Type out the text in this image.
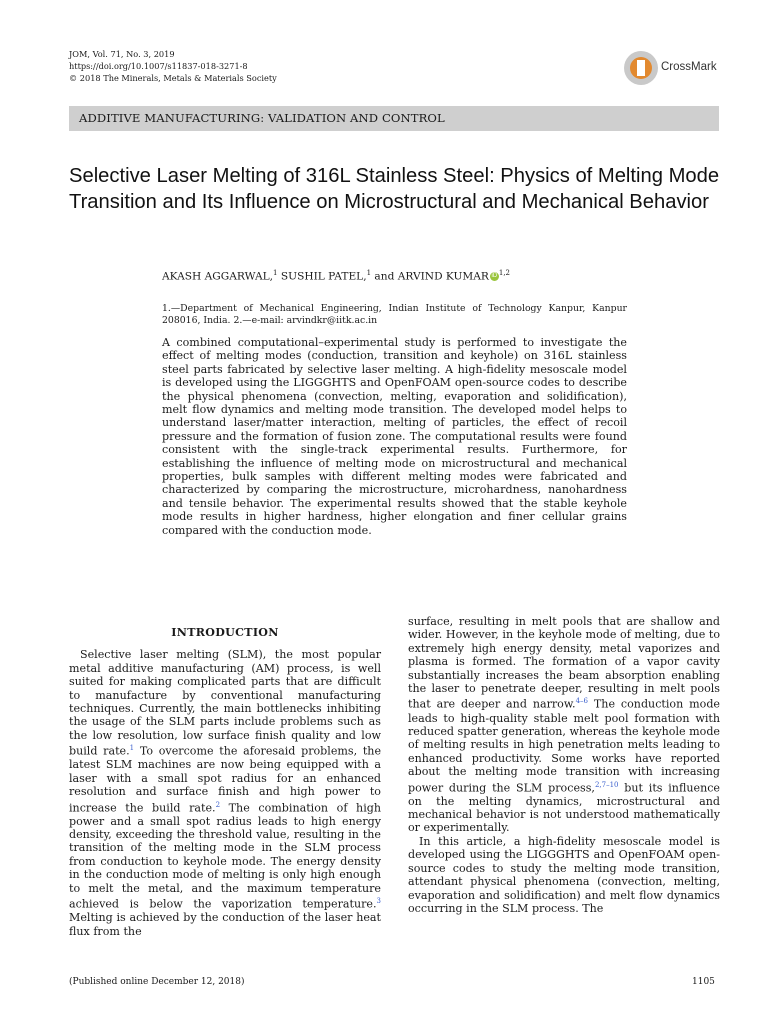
JOM, Vol. 71, No. 3, 2019
https://doi.org/10.1007/s11837-018-3271-8
© 2018 The Minerals, Metals & Materials Society
CrossMark
ADDITIVE MANUFACTURING: VALIDATION AND CONTROL
Selective Laser Melting of 316L Stainless Steel: Physics of Melting Mode Transition and Its Influence on Microstructural and Mechanical Behavior
AKASH AGGARWAL,$^1$ SUSHIL PATEL,$^1$ and ARVIND KUMAR iD $^{1,2}$
1.—Department of Mechanical Engineering, Indian Institute of Technology Kanpur, Kanpur 208016, India. 2.—e-mail: arvindkr@iitk.ac.in
A combined computational–experimental study is performed to investigate the effect of melting modes (conduction, transition and keyhole) on 316L stainless steel parts fabricated by selective laser melting. A high-fidelity mesoscale model is developed using the LIGGGHTS and OpenFOAM open-source codes to describe the physical phenomena (convection, melting, evaporation and solidification), melt flow dynamics and melting mode transition. The developed model helps to understand laser/matter interaction, melting of particles, the effect of recoil pressure and the formation of fusion zone. The computational results were found consistent with the single-track experimental results. Furthermore, for establishing the influence of melting mode on microstructural and mechanical properties, bulk samples with different melting modes were fabricated and characterized by comparing the microstructure, microhardness, nanohardness and tensile behavior. The experimental results showed that the stable keyhole mode results in higher hardness, higher elongation and finer cellular grains compared with the conduction mode.
INTRODUCTION

Selective laser melting (SLM), the most popular metal additive manufacturing (AM) process, is well suited for making complicated parts that are difficult to manufacture by conventional manufacturing techniques. Currently, the main bottlenecks inhibiting the usage of the SLM parts include problems such as the low resolution, low surface finish quality and low build rate.$^1$ To overcome the aforesaid problems, the latest SLM machines are now being equipped with a laser with a small spot radius for an enhanced resolution and surface finish and high power to increase the build rate.$^2$ The combination of high power and a small spot radius leads to high energy density, exceeding the threshold value, resulting in the transition of the melting mode in the SLM process from conduction to keyhole mode. The energy density in the conduction mode of melting is only high enough to melt the metal, and the maximum temperature achieved is below the vaporization temperature.$^3$ Melting is achieved by the conduction of the laser heat flux from the

surface, resulting in melt pools that are shallow and wider. However, in the keyhole mode of melting, due to extremely high energy density, metal vaporizes and plasma is formed. The formation of a vapor cavity substantially increases the beam absorption enabling the laser to penetrate deeper, resulting in melt pools that are deeper and narrow.$^{4-6}$ The conduction mode leads to high-quality stable melt pool formation with reduced spatter generation, whereas the keyhole mode of melting results in high penetration melts leading to enhanced productivity. Some works have reported about the melting mode transition with increasing power during the SLM process,$^{2,7-10}$ but its influence on the melting dynamics, microstructural and mechanical behavior is not understood mathematically or experimentally.

In this article, a high-fidelity mesoscale model is developed using the LIGGGHTS and OpenFOAM open-source codes to study the melting mode transition, attendant physical phenomena (convection, melting, evaporation and solidification) and melt flow dynamics occurring in the SLM process. The

(Published online December 12, 2018)	1105
